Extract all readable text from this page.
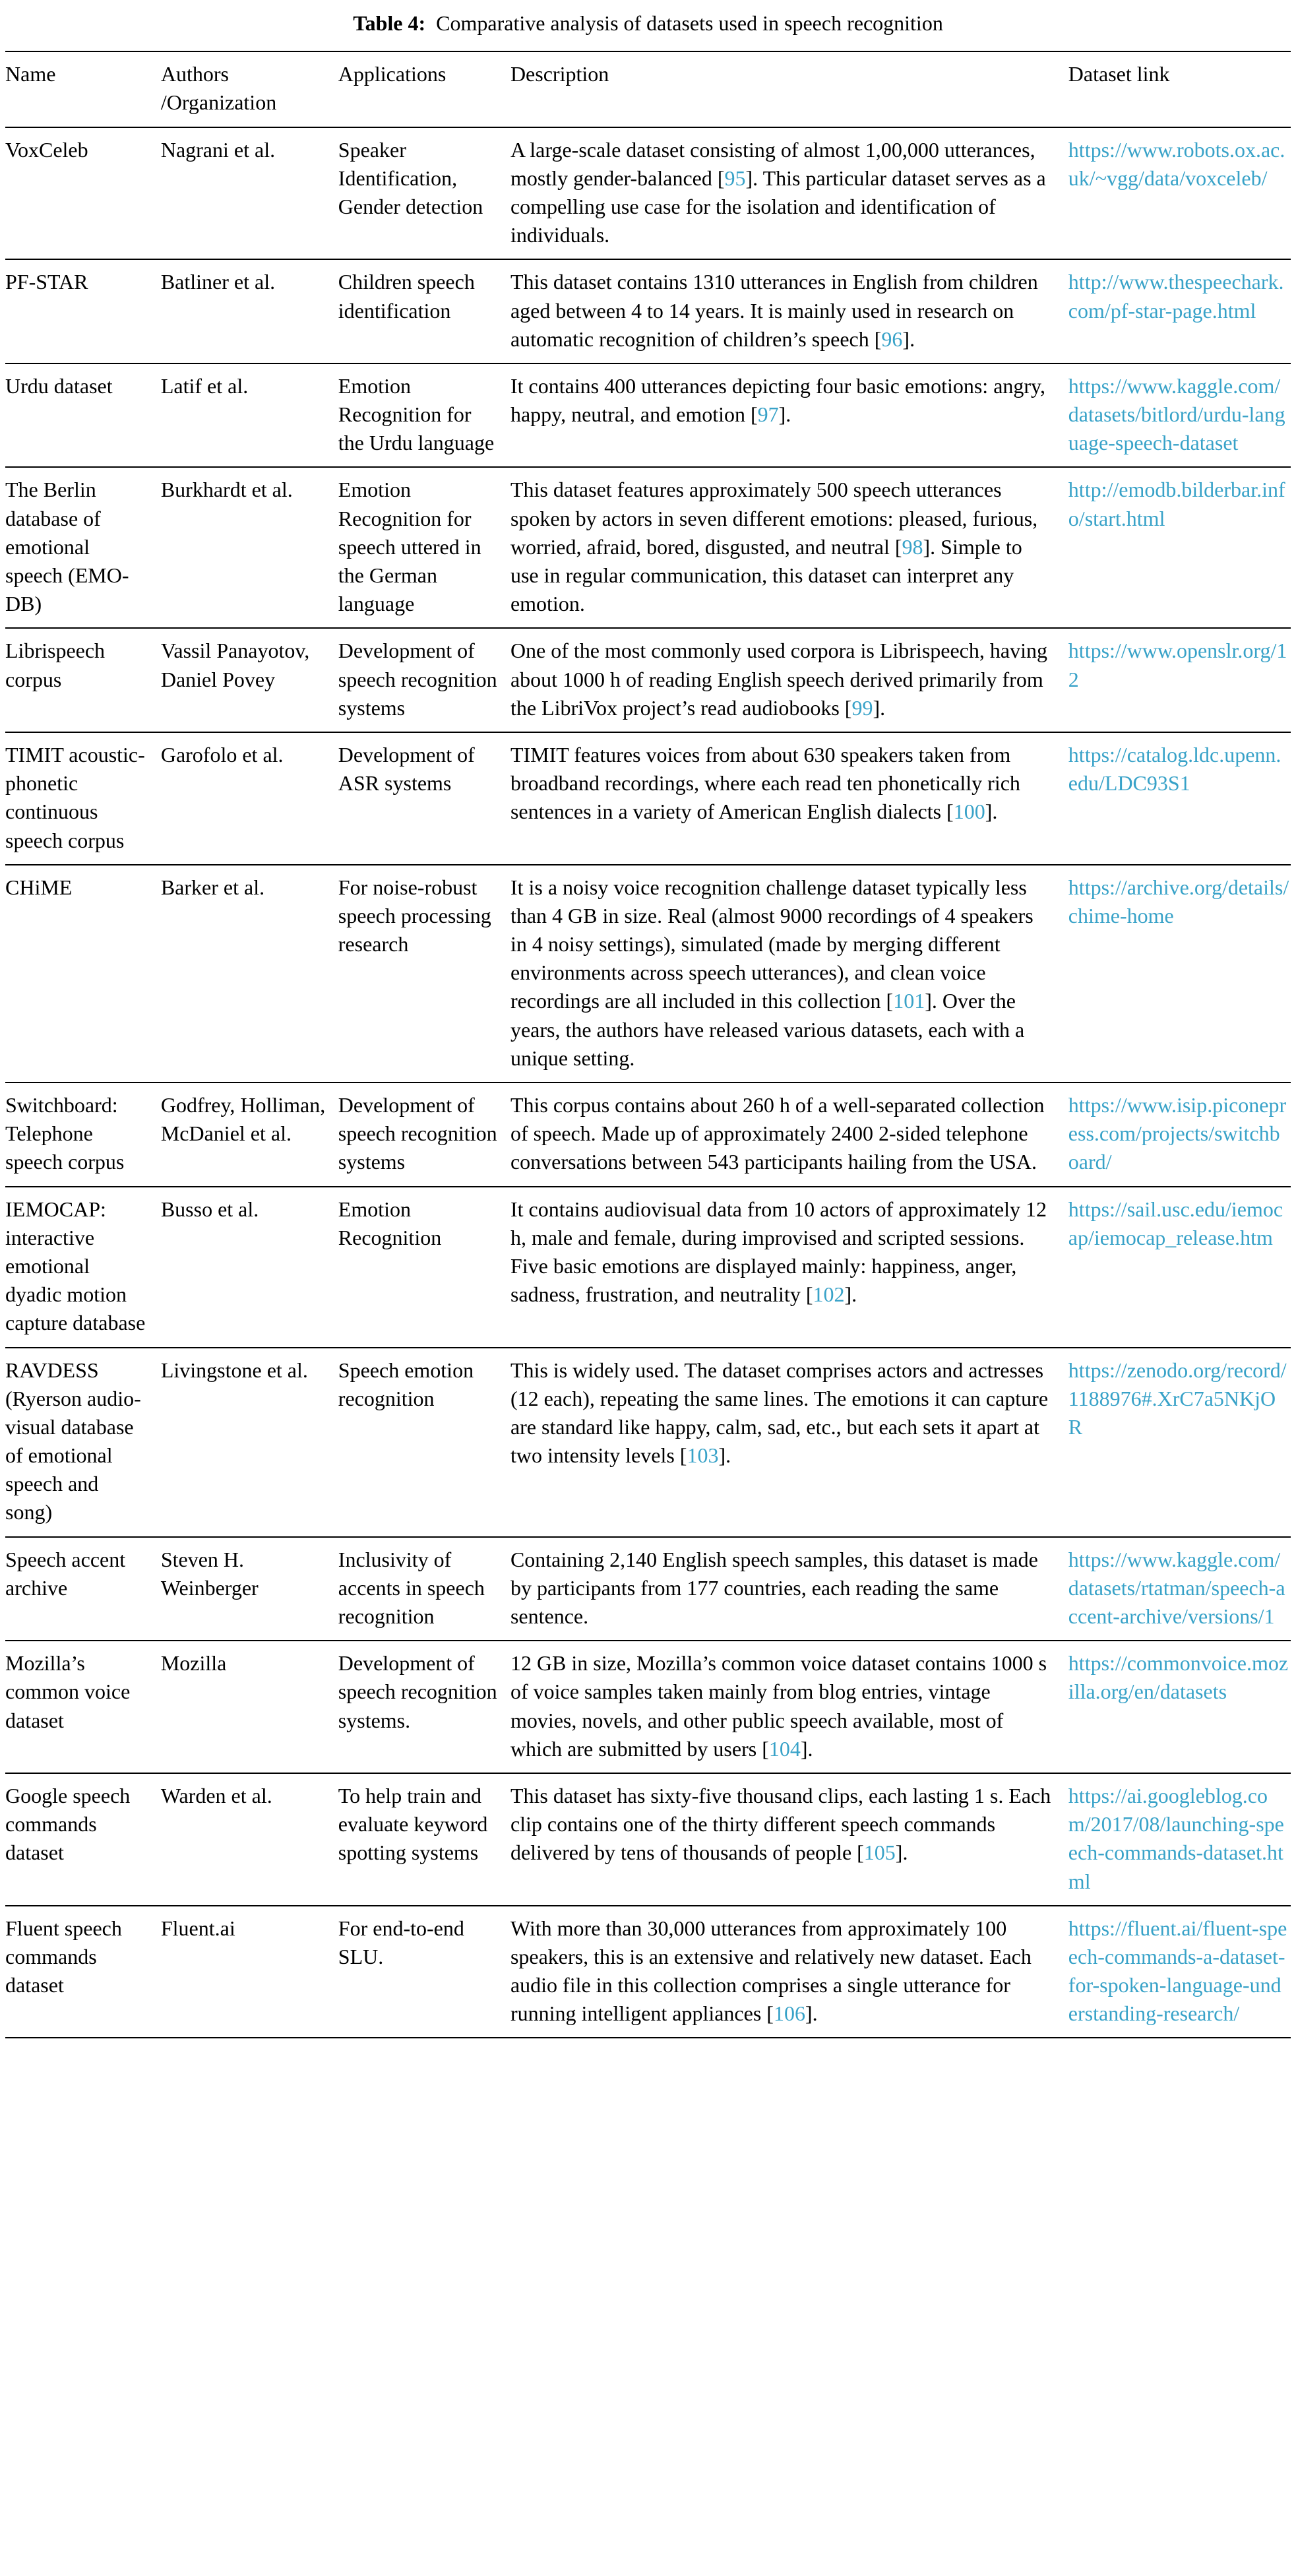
Table 4: Comparative analysis of datasets used in speech recognition
Name	Authors /Organization	Applications	Description	Dataset link
VoxCeleb	Nagrani et al.	Speaker Identification, Gender detection	A large-scale dataset consisting of almost 1,00,000 utterances, mostly gender-balanced [95]. This particular dataset serves as a compelling use case for the isolation and identification of individuals.	https://www.robots.ox.ac.uk/~vgg/data/voxceleb/
PF-STAR	Batliner et al.	Children speech identification	This dataset contains 1310 utterances in English from children aged between 4 to 14 years. It is mainly used in research on automatic recognition of children’s speech [96].	http://www.thespeechark.com/pf-star-page.html
Urdu dataset	Latif et al.	Emotion Recognition for the Urdu language	It contains 400 utterances depicting four basic emotions: angry, happy, neutral, and emotion [97].	https://www.kaggle.com/datasets/bitlord/urdu-language-speech-dataset
The Berlin database of emotional speech (EMO-DB)	Burkhardt et al.	Emotion Recognition for speech uttered in the German language	This dataset features approximately 500 speech utterances spoken by actors in seven different emotions: pleased, furious, worried, afraid, bored, disgusted, and neutral [98]. Simple to use in regular communication, this dataset can interpret any emotion.	http://emodb.bilderbar.info/start.html
Librispeech corpus	Vassil Panayotov, Daniel Povey	Development of speech recognition systems	One of the most commonly used corpora is Librispeech, having about 1000 h of reading English speech derived primarily from the LibriVox project’s read audiobooks [99].	https://www.openslr.org/12
TIMIT acoustic-phonetic continuous speech corpus	Garofolo et al.	Development of ASR systems	TIMIT features voices from about 630 speakers taken from broadband recordings, where each read ten phonetically rich sentences in a variety of American English dialects [100].	https://catalog.ldc.upenn.edu/LDC93S1
CHiME	Barker et al.	For noise-robust speech processing research	It is a noisy voice recognition challenge dataset typically less than 4 GB in size. Real (almost 9000 recordings of 4 speakers in 4 noisy settings), simulated (made by merging different environments across speech utterances), and clean voice recordings are all included in this collection [101]. Over the years, the authors have released various datasets, each with a unique setting.	https://archive.org/details/chime-home
Switchboard: Telephone speech corpus	Godfrey, Holliman, McDaniel et al.	Development of speech recognition systems	This corpus contains about 260 h of a well-separated collection of speech. Made up of approximately 2400 2-sided telephone conversations between 543 participants hailing from the USA.	https://www.isip.piconepress.com/projects/switchboard/
IEMOCAP: interactive emotional dyadic motion capture database	Busso et al.	Emotion Recognition	It contains audiovisual data from 10 actors of approximately 12 h, male and female, during improvised and scripted sessions. Five basic emotions are displayed mainly: happiness, anger, sadness, frustration, and neutrality [102].	https://sail.usc.edu/iemocap/iemocap_release.htm
RAVDESS (Ryerson audio-visual database of emotional speech and song)	Livingstone et al.	Speech emotion recognition	This is widely used. The dataset comprises actors and actresses (12 each), repeating the same lines. The emotions it can capture are standard like happy, calm, sad, etc., but each sets it apart at two intensity levels [103].	https://zenodo.org/record/1188976#.XrC7a5NKjOR
Speech accent archive	Steven H. Weinberger	Inclusivity of accents in speech recognition	Containing 2,140 English speech samples, this dataset is made by participants from 177 countries, each reading the same sentence.	https://www.kaggle.com/datasets/rtatman/speech-accent-archive/versions/1
Mozilla’s common voice dataset	Mozilla	Development of speech recognition systems.	12 GB in size, Mozilla’s common voice dataset contains 1000 s of voice samples taken mainly from blog entries, vintage movies, novels, and other public speech available, most of which are submitted by users [104].	https://commonvoice.mozilla.org/en/datasets
Google speech commands dataset	Warden et al.	To help train and evaluate keyword spotting systems	This dataset has sixty-five thousand clips, each lasting 1 s. Each clip contains one of the thirty different speech commands delivered by tens of thousands of people [105].	https://ai.googleblog.com/2017/08/launching-speech-commands-dataset.html
Fluent speech commands dataset	Fluent.ai	For end-to-end SLU.	With more than 30,000 utterances from approximately 100 speakers, this is an extensive and relatively new dataset. Each audio file in this collection comprises a single utterance for running intelligent appliances [106].	https://fluent.ai/fluent-speech-commands-a-dataset-for-spoken-language-understanding-research/
